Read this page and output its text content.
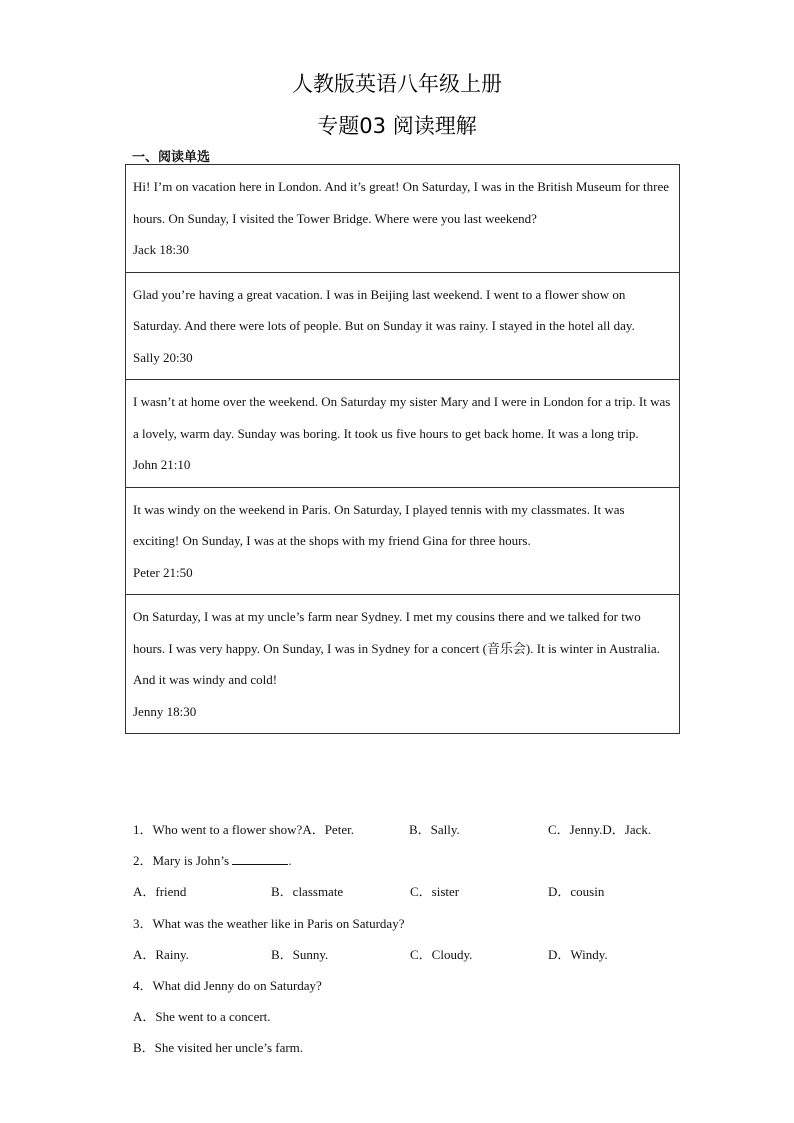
人教版英语八年级上册
专题03 阅读理解
一、阅读单选
Hi! I’m on vacation here in London. And it’s great! On Saturday, I was in the British Museum for three hours. On Sunday, I visited the Tower Bridge. Where were you last weekend?
Jack 18:30

Glad you’re having a great vacation. I was in Beijing last weekend. I went to a flower show on Saturday. And there were lots of people. But on Sunday it was rainy. I stayed in the hotel all day.
Sally 20:30

I wasn’t at home over the weekend. On Saturday my sister Mary and I were in London for a trip. It was a lovely, warm day. Sunday was boring. It took us five hours to get back home. It was a long trip.
John 21:10

It was windy on the weekend in Paris. On Saturday, I played tennis with my classmates. It was exciting! On Sunday, I was at the shops with my friend Gina for three hours.
Peter 21:50

On Saturday, I was at my uncle’s farm near Sydney. I met my cousins there and we talked for two hours. I was very happy. On Sunday, I was in Sydney for a concert (音乐会). It is winter in Australia. And it was windy and cold!
Jenny 18:30
1．Who went to a flower show?A．Peter.	B．Sally.	C．Jenny.D．Jack.
2．Mary is John’s	.
A．friend	B．classmate	C．sister	D．cousin
3．What was the weather like in Paris on Saturday?
A．Rainy.	B．Sunny.	C．Cloudy.	D．Windy.
4．What did Jenny do on Saturday?
A．She went to a concert.
B．She visited her uncle’s farm.
